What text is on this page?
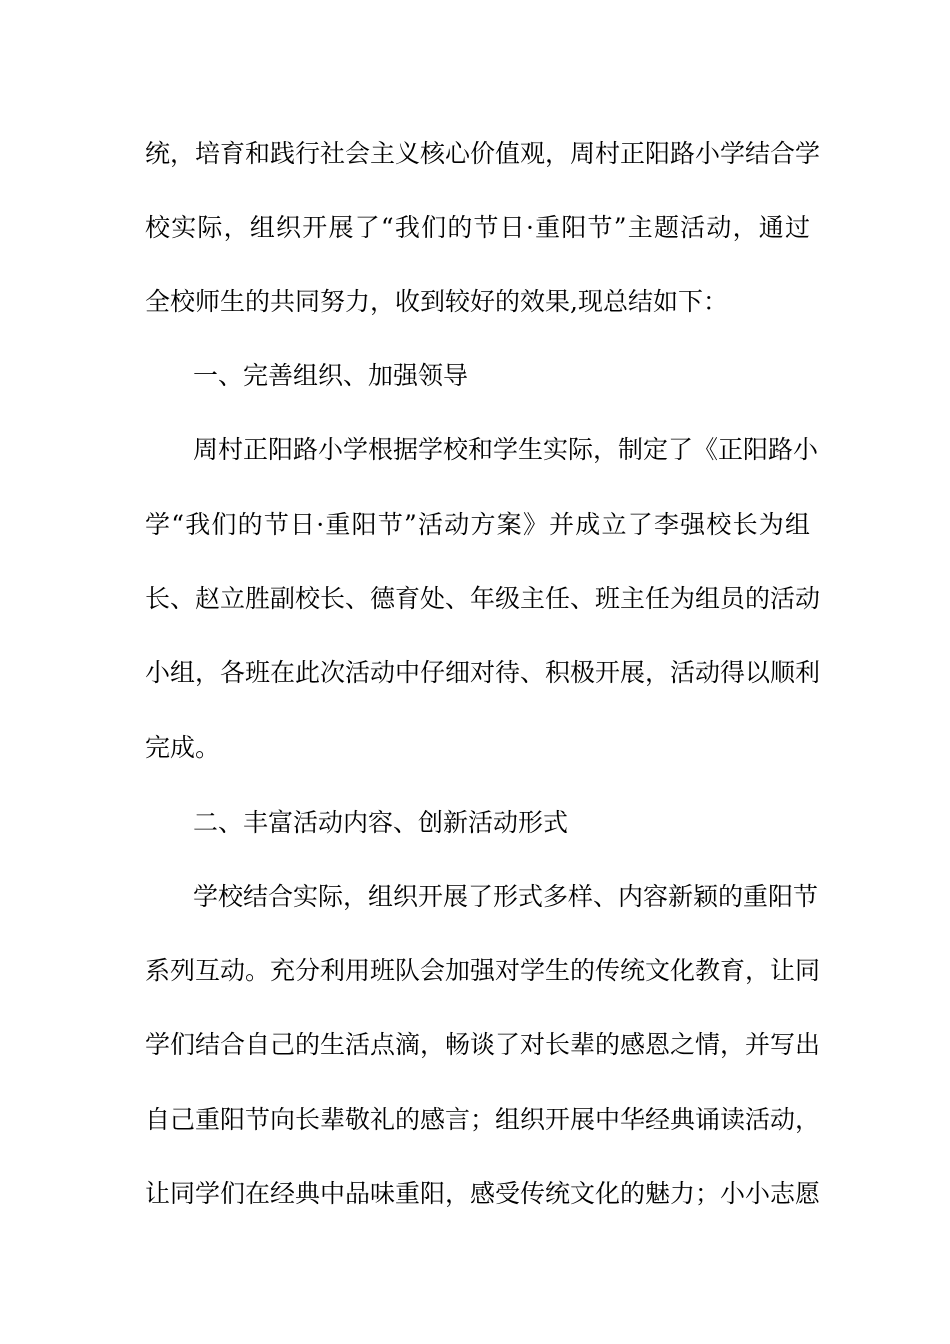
统，培育和践行社会主义核心价值观，周村正阳路小学结合学
校实际，组织开展了“我们的节日·重阳节”主题活动，通过
全校师生的共同努力，收到较好的效果,现总结如下：
一、完善组织、加强领导
周村正阳路小学根据学校和学生实际，制定了《正阳路小
学“我们的节日·重阳节”活动方案》并成立了李强校长为组
长、赵立胜副校长、德育处、年级主任、班主任为组员的活动
小组，各班在此次活动中仔细对待、积极开展，活动得以顺利
完成。
二、丰富活动内容、创新活动形式
学校结合实际，组织开展了形式多样、内容新颖的重阳节
系列互动。充分利用班队会加强对学生的传统文化教育，让同
学们结合自己的生活点滴，畅谈了对长辈的感恩之情，并写出
自己重阳节向长辈敬礼的感言；组织开展中华经典诵读活动，
让同学们在经典中品味重阳，感受传统文化的魅力；小小志愿
